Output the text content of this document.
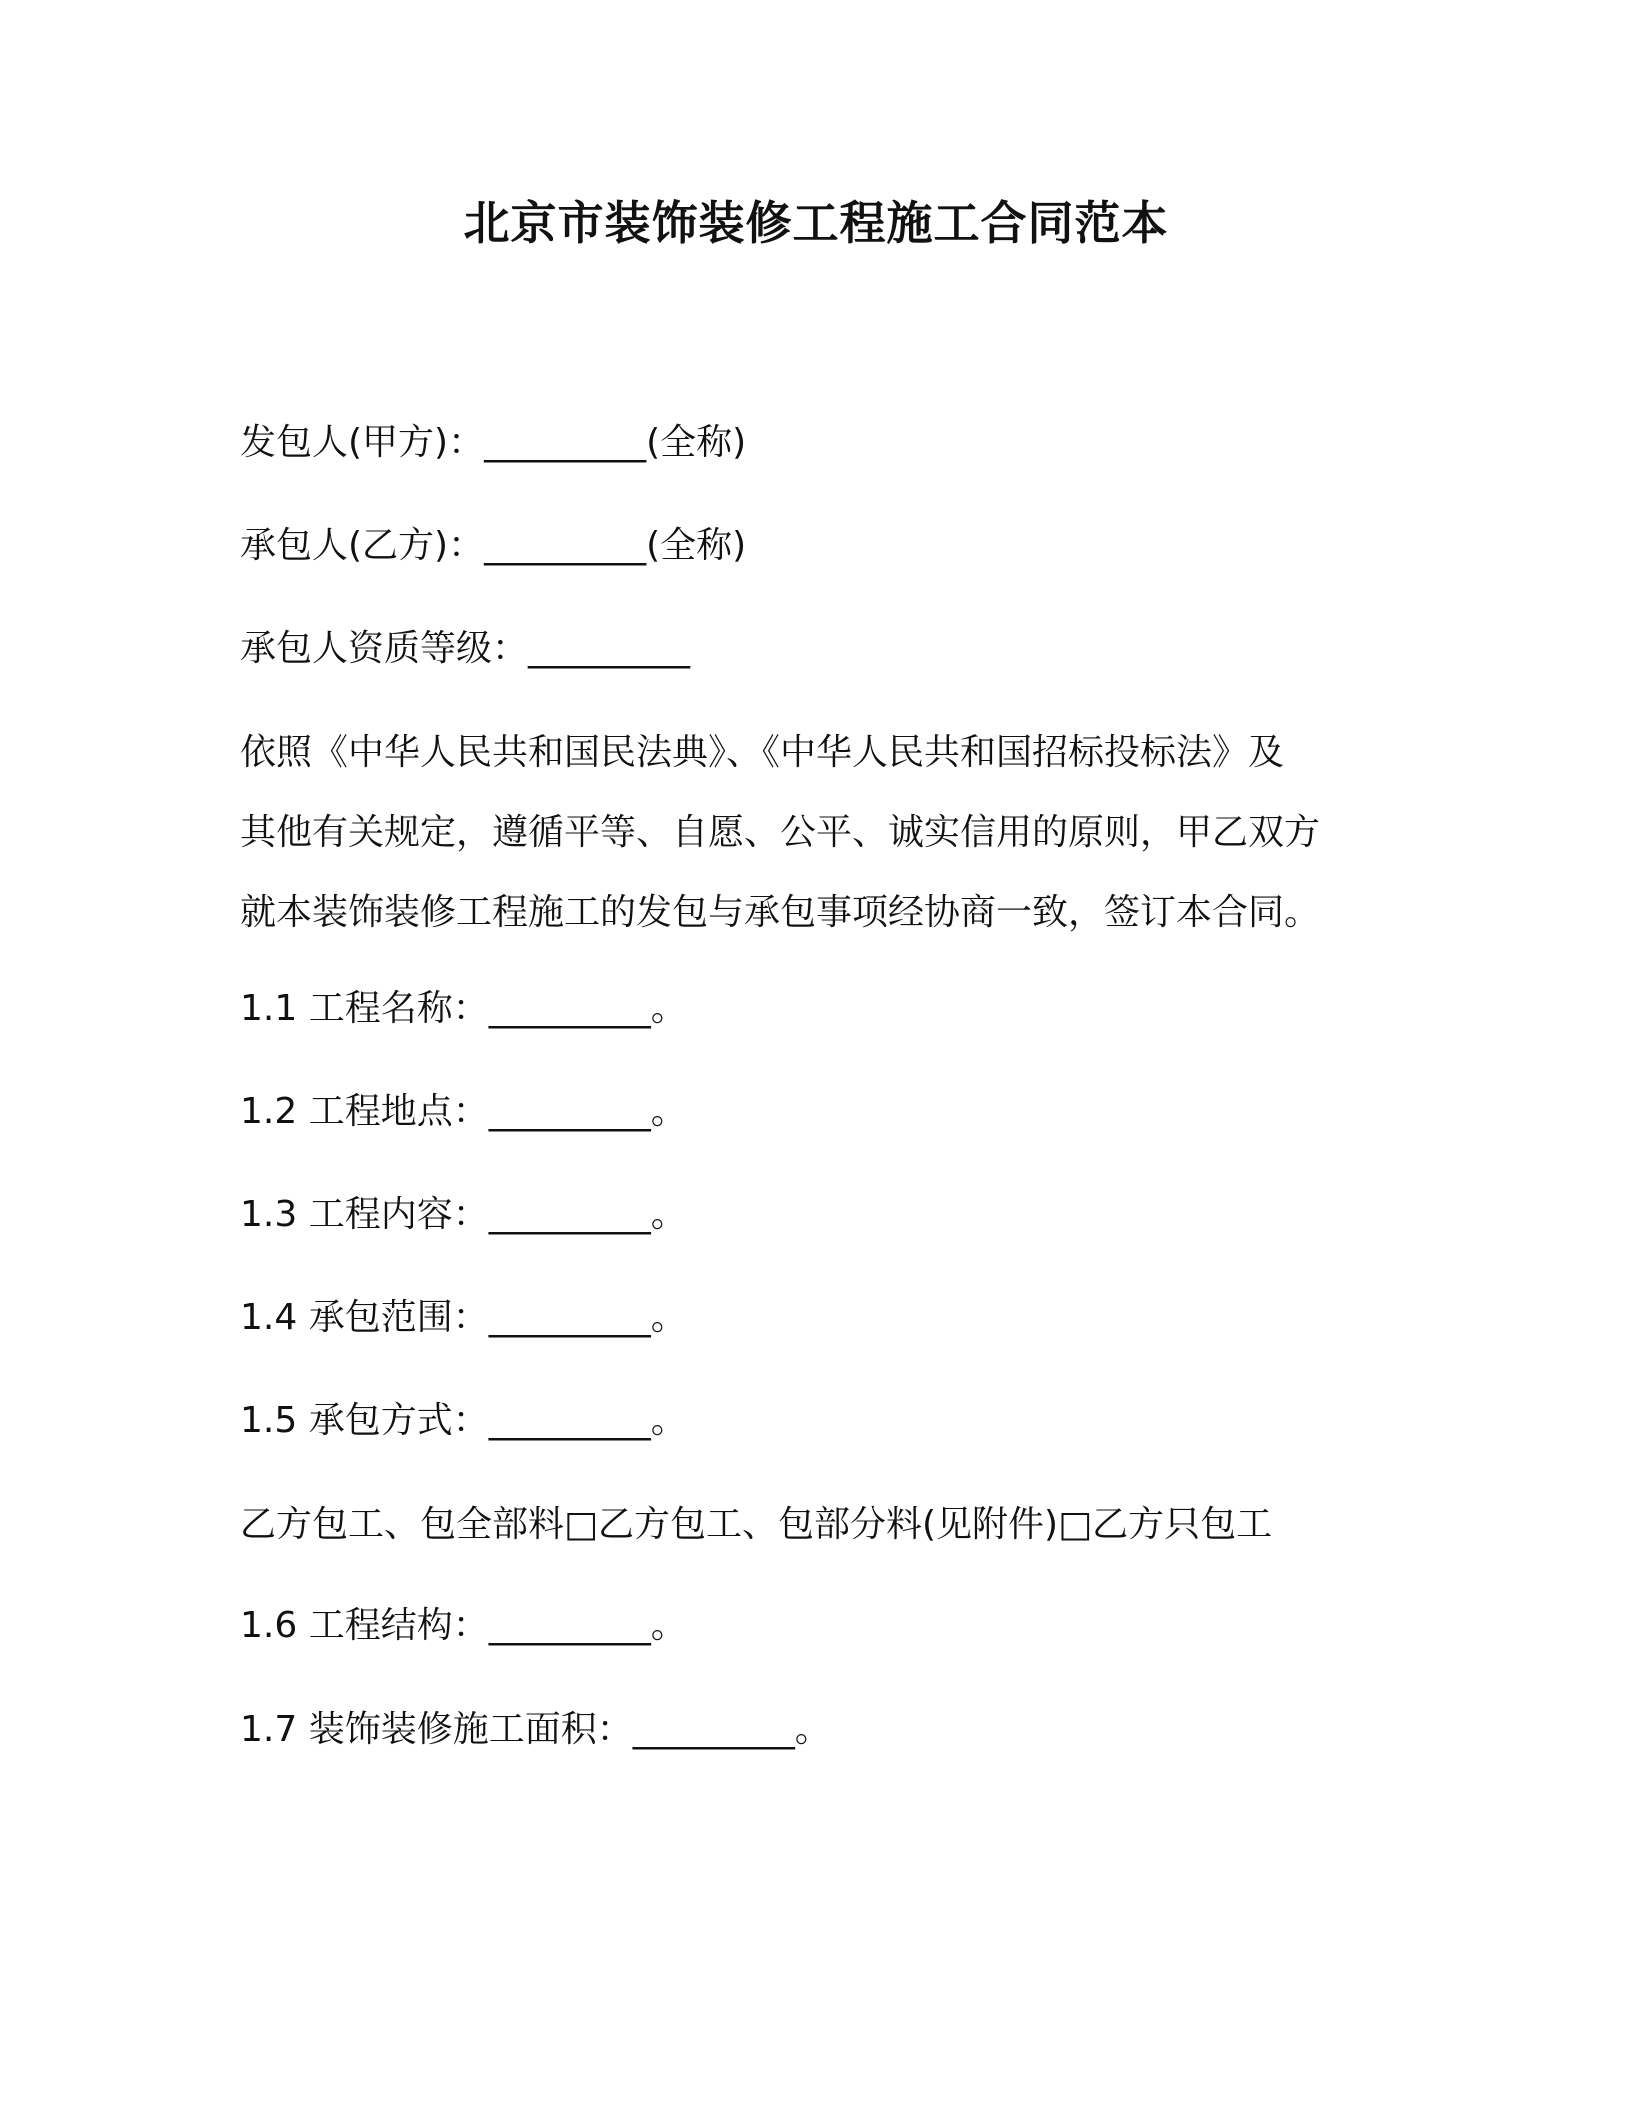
北京市装饰装修工程施工合同范本
发包人(甲方)：_________(全称)
承包人(乙方)：_________(全称)
承包人资质等级：_________
依照《中华人民共和国民法典》、《中华人民共和国招标投标法》及
其他有关规定，遵循平等、自愿、公平、诚实信用的原则，甲乙双方
就本装饰装修工程施工的发包与承包事项经协商一致，签订本合同。
1.1 工程名称：_________。
1.2 工程地点：_________。
1.3 工程内容：_________。
1.4 承包范围：_________。
1.5 承包方式：_________。
乙方包工、包全部料□乙方包工、包部分料(见附件)□乙方只包工
1.6 工程结构：_________。
1.7 装饰装修施工面积：_________。
